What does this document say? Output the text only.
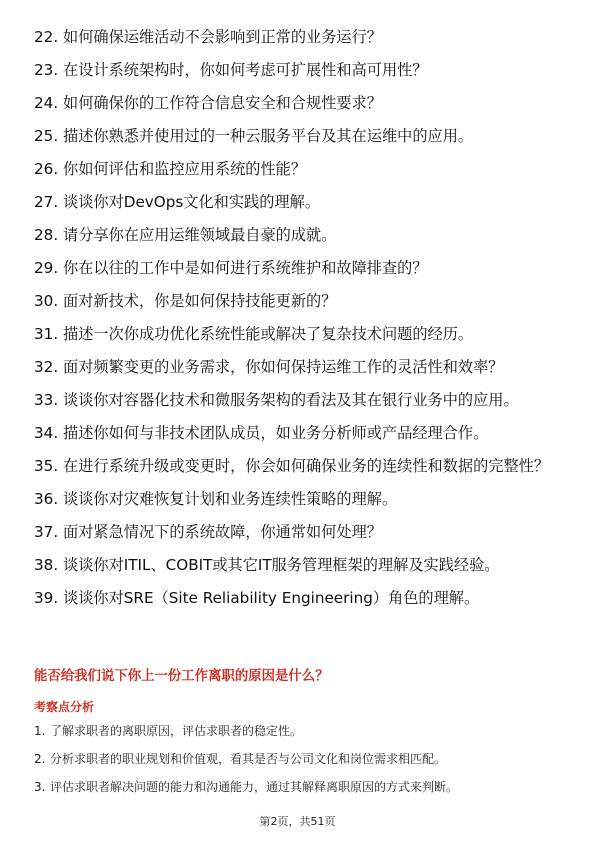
22. 如何确保运维活动不会影响到正常的业务运行？
23. 在设计系统架构时，你如何考虑可扩展性和高可用性？
24. 如何确保你的工作符合信息安全和合规性要求？
25. 描述你熟悉并使用过的一种云服务平台及其在运维中的应用。
26. 你如何评估和监控应用系统的性能？
27. 谈谈你对DevOps文化和实践的理解。
28. 请分享你在应用运维领域最自豪的成就。
29. 你在以往的工作中是如何进行系统维护和故障排查的？
30. 面对新技术，你是如何保持技能更新的？
31. 描述一次你成功优化系统性能或解决了复杂技术问题的经历。
32. 面对频繁变更的业务需求，你如何保持运维工作的灵活性和效率？
33. 谈谈你对容器化技术和微服务架构的看法及其在银行业务中的应用。
34. 描述你如何与非技术团队成员，如业务分析师或产品经理合作。
35. 在进行系统升级或变更时，你会如何确保业务的连续性和数据的完整性？
36. 谈谈你对灾难恢复计划和业务连续性策略的理解。
37. 面对紧急情况下的系统故障，你通常如何处理？
38. 谈谈你对ITIL、COBIT或其它IT服务管理框架的理解及实践经验。
39. 谈谈你对SRE（Site Reliability Engineering）角色的理解。
能否给我们说下你上一份工作离职的原因是什么？
考察点分析
1. 了解求职者的离职原因，评估求职者的稳定性。
2. 分析求职者的职业规划和价值观，看其是否与公司文化和岗位需求相匹配。
3. 评估求职者解决问题的能力和沟通能力，通过其解释离职原因的方式来判断。
第2页，共51页
